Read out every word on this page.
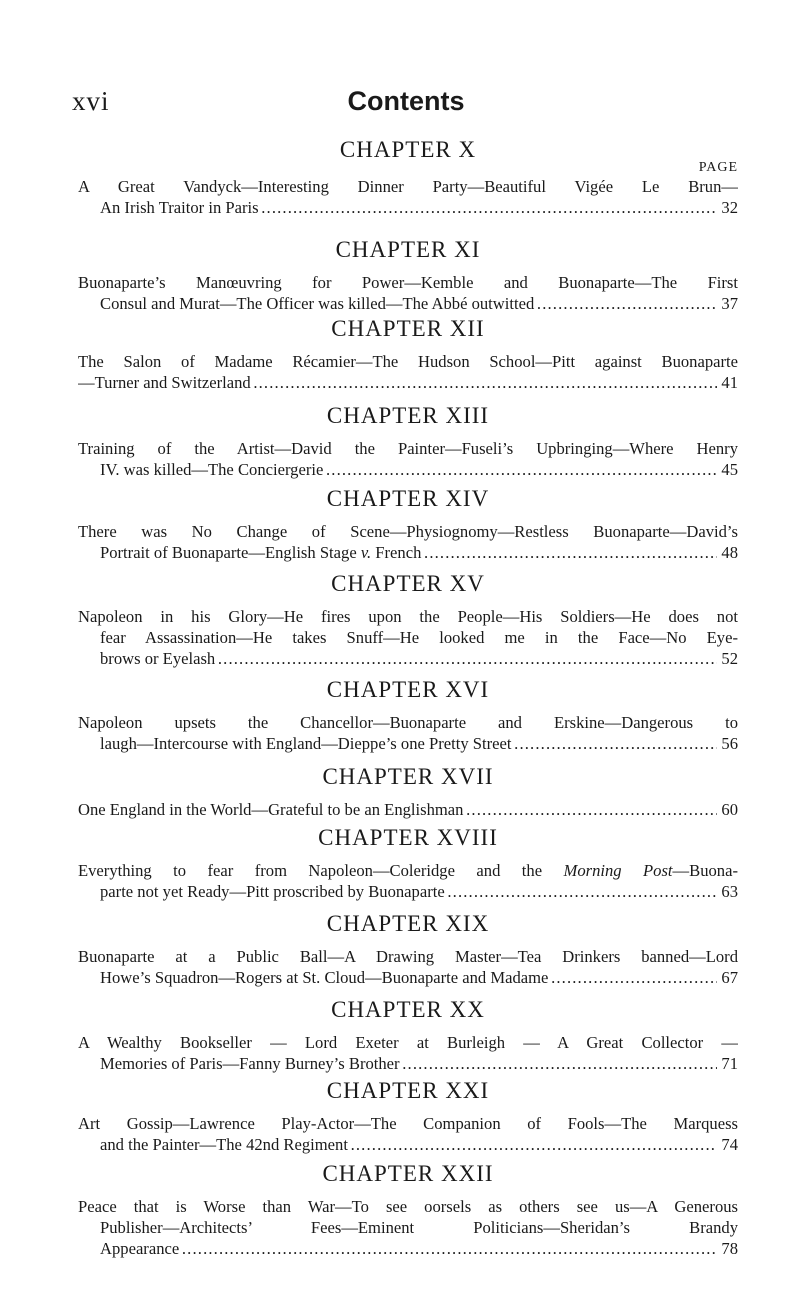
xvi	Contents
CHAPTER X
PAGE
A Great Vandyck—Interesting Dinner Party—Beautiful Vigée Le Brun—
An Irish Traitor in Paris . . .	32
CHAPTER XI
Buonaparte’s Manœuvring for Power—Kemble and Buonaparte—The First
Consul and Murat—The Officer was killed—The Abbé outwitted . . .	37
CHAPTER XII
The Salon of Madame Récamier—The Hudson School—Pitt against Buonaparte
—Turner and Switzerland . . .	41
CHAPTER XIII
Training of the Artist—David the Painter—Fuseli’s Upbringing—Where Henry
IV. was killed—The Conciergerie . . .	45
CHAPTER XIV
There was No Change of Scene—Physiognomy—Restless Buonaparte—David’s
Portrait of Buonaparte—English Stage v. French . . .	48
CHAPTER XV
Napoleon in his Glory—He fires upon the People—His Soldiers—He does not
fear Assassination—He takes Snuff—He looked me in the Face—No Eye-
brows or Eyelash . . .	52
CHAPTER XVI
Napoleon upsets the Chancellor—Buonaparte and Erskine—Dangerous to
laugh—Intercourse with England—Dieppe’s one Pretty Street . . .	56
CHAPTER XVII
One England in the World—Grateful to be an Englishman . . .	60
CHAPTER XVIII
Everything to fear from Napoleon—Coleridge and the Morning Post—Buona-
parte not yet Ready—Pitt proscribed by Buonaparte . . .	63
CHAPTER XIX
Buonaparte at a Public Ball—A Drawing Master—Tea Drinkers banned—Lord
Howe’s Squadron—Rogers at St. Cloud—Buonaparte and Madame . . .	67
CHAPTER XX
A Wealthy Bookseller — Lord Exeter at Burleigh — A Great Collector —
Memories of Paris—Fanny Burney’s Brother . . .	71
CHAPTER XXI
Art Gossip—Lawrence Play-Actor—The Companion of Fools—The Marquess
and the Painter—The 42nd Regiment . . .	74
CHAPTER XXII
Peace that is Worse than War—To see oorsels as others see us—A Generous
Publisher—Architects’ Fees—Eminent Politicians—Sheridan’s Brandy
Appearance . . .	78
